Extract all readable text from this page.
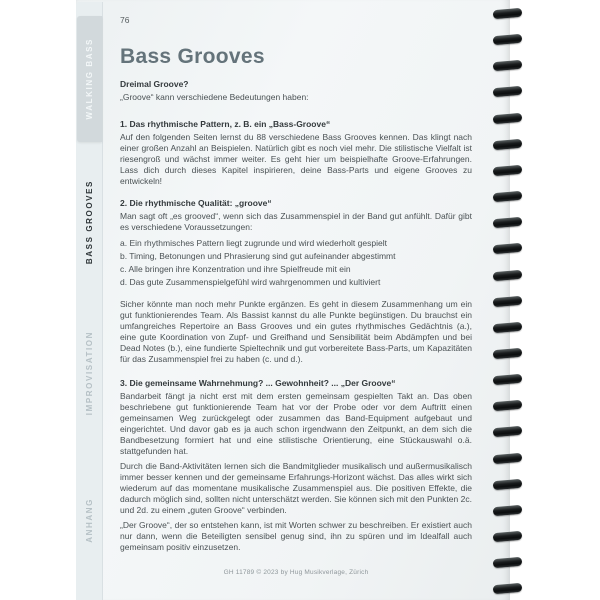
WALKING BASS
BASS GROOVES
IMPROVISATION
ANHANG
76
Bass Grooves
Dreimal Groove?

„Groove“ kann verschiedene Bedeutungen haben:

1. Das rhythmische Pattern, z. B. ein „Bass-Groove“

Auf den folgenden Seiten lernst du 88 verschiedene Bass Grooves kennen. Das klingt nach einer großen Anzahl an Beispielen. Natürlich gibt es noch viel mehr. Die stilistische Vielfalt ist riesengroß und wächst immer weiter. Es geht hier um beispielhafte Groove-Erfahrungen. Lass dich durch dieses Kapitel inspirieren, deine Bass-Parts und eigene Grooves zu entwickeln!

2. Die rhythmische Qualität: „groove“

Man sagt oft „es grooved“, wenn sich das Zusammenspiel in der Band gut anfühlt. Dafür gibt es verschiedene Voraussetzungen:

a. Ein rhythmisches Pattern liegt zugrunde und wird wiederholt gespielt
b. Timing, Betonungen und Phrasierung sind gut aufeinander abgestimmt
c. Alle bringen ihre Konzentration und ihre Spielfreude mit ein
d. Das gute Zusammenspielgefühl wird wahrgenommen und kultiviert

Sicher könnte man noch mehr Punkte ergänzen. Es geht in diesem Zusammenhang um ein gut funktionierendes Team. Als Bassist kannst du alle Punkte begünstigen. Du brauchst ein umfangreiches Repertoire an Bass Grooves und ein gutes rhythmisches Gedächtnis (a.), eine gute Koordination von Zupf- und Greifhand und Sensibilität beim Abdämpfen und bei Dead Notes (b.), eine fundierte Spieltechnik und gut vorbereitete Bass-Parts, um Kapazitäten für das Zusammenspiel frei zu haben (c. und d.).

3. Die gemeinsame Wahrnehmung? ... Gewohnheit? ... „Der Groove“

Bandarbeit fängt ja nicht erst mit dem ersten gemeinsam gespielten Takt an. Das oben beschriebene gut funktionierende Team hat vor der Probe oder vor dem Auftritt einen gemeinsamen Weg zurückgelegt oder zusammen das Band-Equipment aufgebaut und eingerichtet. Und davor gab es ja auch schon irgendwann den Zeitpunkt, an dem sich die Bandbesetzung formiert hat und eine stilistische Orientierung, eine Stückauswahl o.ä. stattgefunden hat.

Durch die Band-Aktivitäten lernen sich die Bandmitglieder musikalisch und außermusikalisch immer besser kennen und der gemeinsame Erfahrungs-Horizont wächst. Das alles wirkt sich wiederum auf das momentane musikalische Zusammenspiel aus. Die positiven Effekte, die dadurch möglich sind, sollten nicht unterschätzt werden. Sie können sich mit den Punkten 2c. und 2d. zu einem „guten Groove“ verbinden.

„Der Groove“, der so entstehen kann, ist mit Worten schwer zu beschreiben. Er existiert auch nur dann, wenn die Beteiligten sensibel genug sind, ihn zu spüren und im Idealfall auch gemeinsam positiv einzusetzen.

GH 11789 © 2023 by Hug Musikverlage, Zürich
